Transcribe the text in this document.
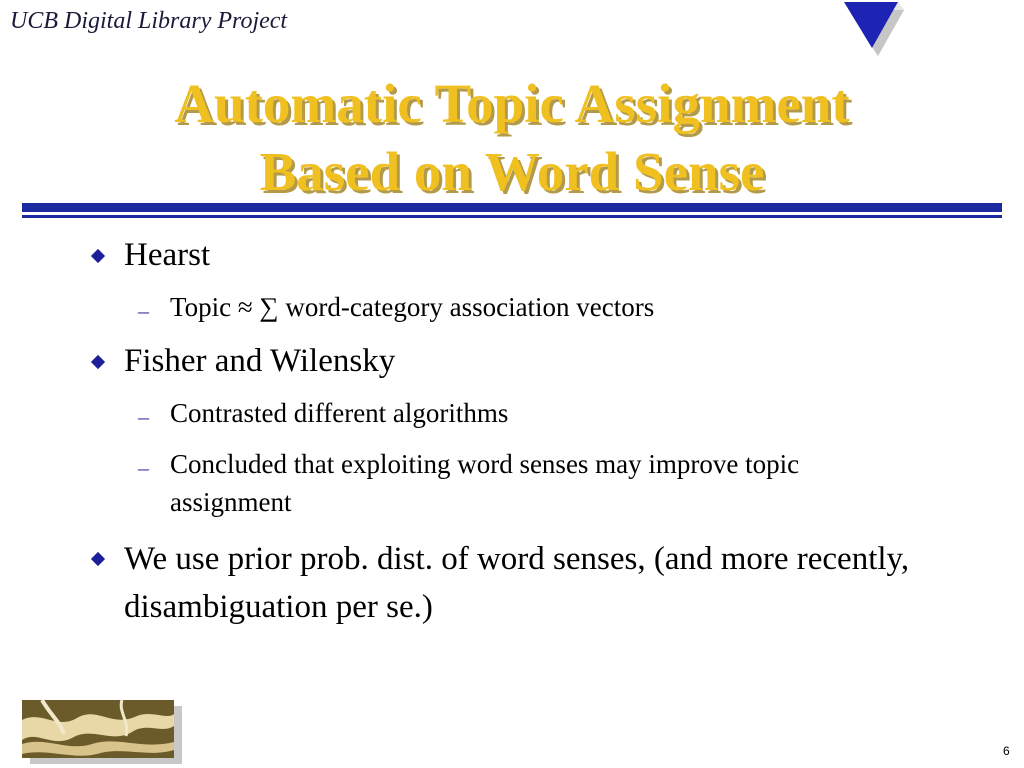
UCB Digital Library Project
Automatic Topic Assignment
Based on Word Sense
Hearst
– Topic ≈ ∑ word-category association vectors
Fisher and Wilensky
– Contrasted different algorithms
– Concluded that exploiting word senses may improve topic assignment
We use prior prob. dist. of word senses, (and more recently, disambiguation per se.)
6
